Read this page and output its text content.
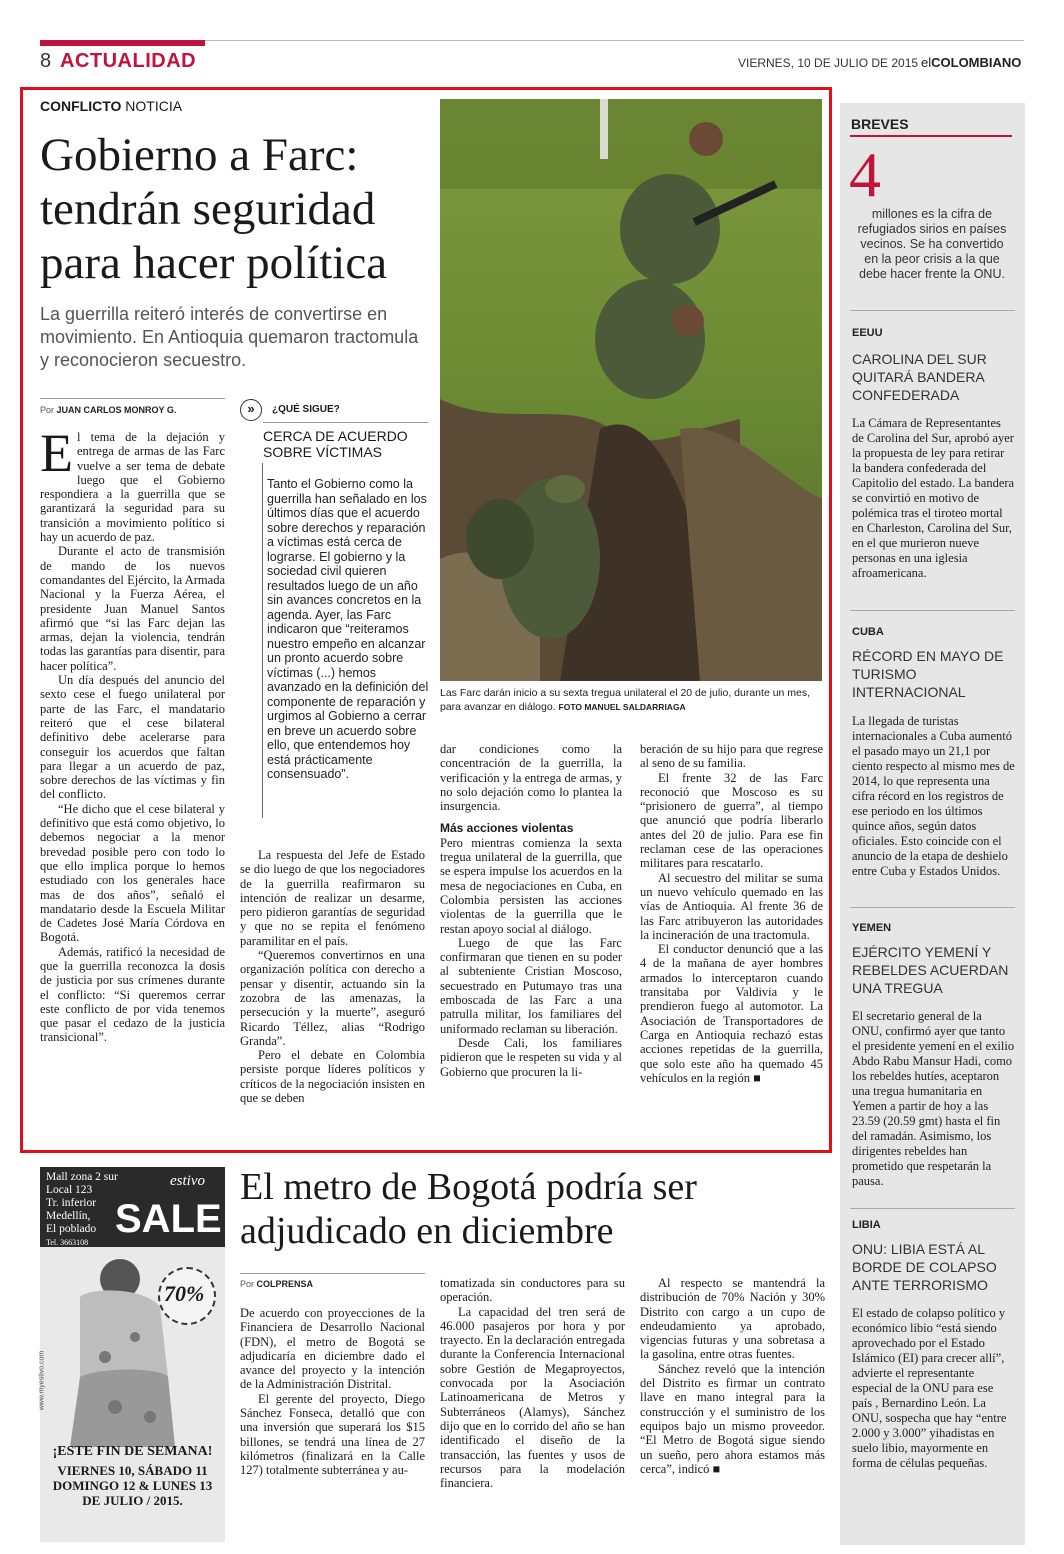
8 ACTUALIDAD	VIERNES, 10 DE JULIO DE 2015 elCOLOMBIANO
CONFLICTO NOTICIA
Gobierno a Farc: tendrán seguridad para hacer política
La guerrilla reiteró interés de convertirse en movimiento. En Antioquia quemaron tractomula y reconocieron secuestro.
Por JUAN CARLOS MONROY G.

El tema de la dejación y entrega de armas de las Farc vuelve a ser tema de debate luego que el Gobierno respondiera a la guerrilla que se garantizará la seguridad para su transición a movimiento político si hay un acuerdo de paz.

Durante el acto de transmisión de mando de los nuevos comandantes del Ejército, la Armada Nacional y la Fuerza Aérea, el presidente Juan Manuel Santos afirmó que “si las Farc dejan las armas, dejan la violencia, tendrán todas las garantías para disentir, para hacer política”.

Un día después del anuncio del sexto cese el fuego unilateral por parte de las Farc, el mandatario reiteró que el cese bilateral definitivo debe acelerarse para conseguir los acuerdos que faltan para llegar a un acuerdo de paz, sobre derechos de las víctimas y fin del conflicto.

“He dicho que el cese bilateral y definitivo que está como objetivo, lo debemos negociar a la menor brevedad posible pero con todo lo que ello implica porque lo hemos estudiado con los generales hace mas de dos años”, señaló el mandatario desde la Escuela Militar de Cadetes José María Córdova en Bogotá.

Además, ratificó la necesidad de que la guerrilla reconozca la dosis de justicia por sus crímenes durante el conflicto: “Si queremos cerrar este conflicto de por vida tenemos que pasar el cedazo de la justicia transicional”.

»	¿QUÉ SIGUE?
CERCA DE ACUERDO SOBRE VÍCTIMAS
Tanto el Gobierno como la guerrilla han señalado en los últimos días que el acuerdo sobre derechos y reparación a víctimas está cerca de lograrse. El gobierno y la sociedad civil quieren resultados luego de un año sin avances concretos en la agenda. Ayer, las Farc indicaron que “reiteramos nuestro empeño en alcanzar un pronto acuerdo sobre víctimas (...) hemos avanzado en la definición del componente de reparación y urgimos al Gobierno a cerrar en breve un acuerdo sobre ello, que entendemos hoy está prácticamente consensuado”.

La respuesta del Jefe de Estado se dio luego de que los negociadores de la guerrilla reafirmaron su intención de realizar un desarme, pero pidieron garantías de seguridad y que no se repita el fenómeno paramilitar en el país.

“Queremos convertirnos en una organización política con derecho a pensar y disentir, actuando sin la zozobra de las amenazas, la persecución y la muerte”, aseguró Ricardo Téllez, alias “Rodrigo Granda”.

Pero el debate en Colombia persiste porque líderes políticos y críticos de la negociación insisten en que se deben

Las Farc darán inicio a su sexta tregua unilateral el 20 de julio, durante un mes, para avanzar en diálogo. FOTO MANUEL SALDARRIAGA

dar condiciones como la concentración de la guerrilla, la verificación y la entrega de armas, y no solo dejación como lo plantea la insurgencia.

Más acciones violentas

Pero mientras comienza la sexta tregua unilateral de la guerrilla, que se espera impulse los acuerdos en la mesa de negociaciones en Cuba, en Colombia persisten las acciones violentas de la guerrilla que le restan apoyo social al diálogo.

Luego de que las Farc confirmaran que tienen en su poder al subteniente Cristian Moscoso, secuestrado en Putumayo tras una emboscada de las Farc a una patrulla militar, los familiares del uniformado reclaman su liberación.

Desde Cali, los familiares pidieron que le respeten su vida y al Gobierno que procuren la li-

beración de su hijo para que regrese al seno de su familia.

El frente 32 de las Farc reconoció que Moscoso es su “prisionero de guerra”, al tiempo que anunció que podría liberarlo antes del 20 de julio. Para ese fin reclaman cese de las operaciones militares para rescatarlo.

Al secuestro del militar se suma un nuevo vehículo quemado en las vías de Antioquia. Al frente 36 de las Farc atribuyeron las autoridades la incineración de una tractomula.

El conductor denunció que a las 4 de la mañana de ayer hombres armados lo interceptaron cuando transitaba por Valdivia y le prendieron fuego al automotor. La Asociación de Transportadores de Carga en Antioquia rechazó estas acciones repetidas de la guerrilla, que solo este año ha quemado 45 vehículos en la región ■

BREVES
4
millones es la cifra de refugiados sirios en países vecinos. Se ha convertido en la peor crisis a la que debe hacer frente la ONU.
EEUU
CAROLINA DEL SUR QUITARÁ BANDERA CONFEDERADA
La Cámara de Representantes de Carolina del Sur, aprobó ayer la propuesta de ley para retirar la bandera confederada del Capitolio del estado. La bandera se convirtió en motivo de polémica tras el tiroteo mortal en Charleston, Carolina del Sur, en el que murieron nueve personas en una iglesia afroamericana.
CUBA
RÉCORD EN MAYO DE TURISMO INTERNACIONAL
La llegada de turistas internacionales a Cuba aumentó el pasado mayo un 21,1 por ciento respecto al mismo mes de 2014, lo que representa una cifra récord en los registros de ese periodo en los últimos quince años, según datos oficiales. Esto coincide con el anuncio de la etapa de deshielo entre Cuba y Estados Unidos.
YEMEN
EJÉRCITO YEMENÍ Y REBELDES ACUERDAN UNA TREGUA
El secretario general de la ONU, confirmó ayer que tanto el presidente yemení en el exilio Abdo Rabu Mansur Hadi, como los rebeldes hutíes, aceptaron una tregua humanitaria en Yemen a partir de hoy a las 23.59 (20.59 gmt) hasta el fin del ramadán. Asimismo, los dirigentes rebeldes han prometido que respetarán la pausa.
LIBIA
ONU: LIBIA ESTÁ AL BORDE DE COLAPSO ANTE TERRORISMO
El estado de colapso político y económico libio “está siendo aprovechado por el Estado Islámico (EI) para crecer allí”, advierte el representante especial de la ONU para ese país , Bernardino León. La ONU, sospecha que hay “entre 2.000 y 3.000” yihadistas en suelo libio, mayormente en forma de células pequeñas.
Mall zona 2 sur
Local 123
Tr. inferior
Medellín,
El poblado
Tel. 3663108
estivo
SALE
70%
www.myestivo.com
¡ESTE FIN DE SEMANA!
VIERNES 10, SÁBADO 11 DOMINGO 12 & LUNES 13 DE JULIO / 2015.
El metro de Bogotá podría ser adjudicado en diciembre
Por COLPRENSA

De acuerdo con proyecciones de la Financiera de Desarrollo Nacional (FDN), el metro de Bogotá se adjudicaría en diciembre dado el avance del proyecto y la intención de la Administración Distrital.

El gerente del proyecto, Diego Sánchez Fonseca, detalló que con una inversión que superará los $15 billones, se tendrá una línea de 27 kilómetros (finalizará en la Calle 127) totalmente subterránea y au-

tomatizada sin conductores para su operación.

La capacidad del tren será de 46.000 pasajeros por hora y por trayecto. En la declaración entregada durante la Conferencia Internacional sobre Gestión de Megaproyectos, convocada por la Asociación Latinoamericana de Metros y Subterráneos (Alamys), Sánchez dijo que en lo corrido del año se han identificado el diseño de la transacción, las fuentes y usos de recursos para la modelación financiera.

Al respecto se mantendrá la distribución de 70% Nación y 30% Distrito con cargo a un cupo de endeudamiento ya aprobado, vigencias futuras y una sobretasa a la gasolina, entre otras fuentes.

Sánchez reveló que la intención del Distrito es firmar un contrato llave en mano integral para la construcción y el suministro de los equipos bajo un mismo proveedor. “El Metro de Bogotá sigue siendo un sueño, pero ahora estamos más cerca”, indicó ■
